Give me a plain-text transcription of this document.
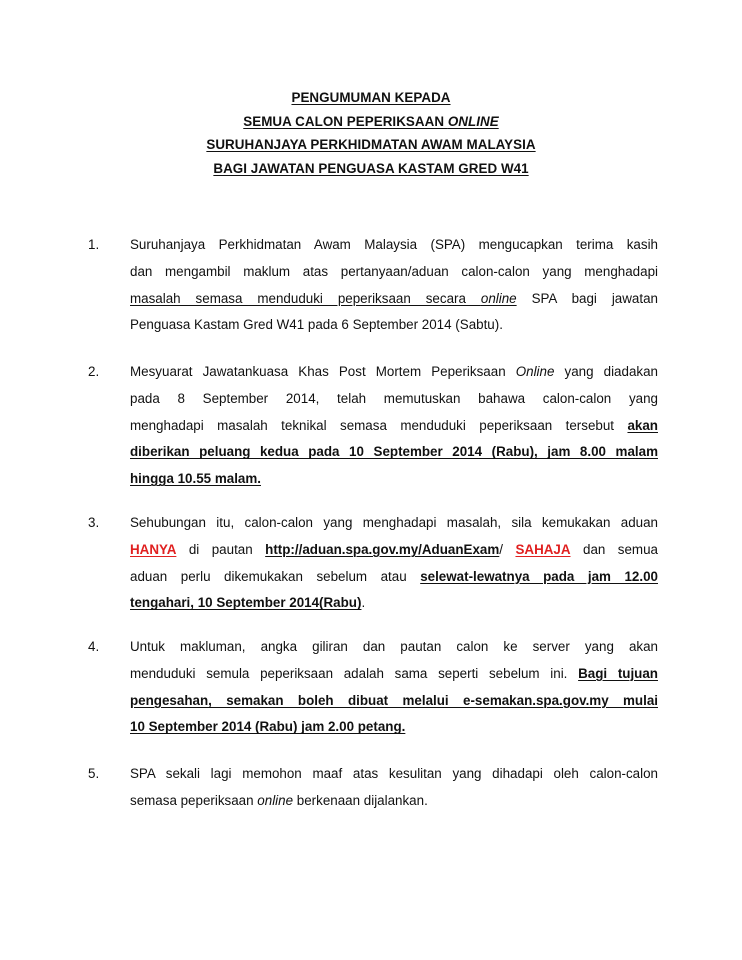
PENGUMUMAN KEPADA
SEMUA CALON PEPERIKSAAN ONLINE
SURUHANJAYA PERKHIDMATAN AWAM MALAYSIA
BAGI JAWATAN PENGUASA KASTAM GRED W41
1.	Suruhanjaya Perkhidmatan Awam Malaysia (SPA) mengucapkan terima kasih
dan mengambil maklum atas pertanyaan/aduan calon-calon yang menghadapi
masalah semasa menduduki peperiksaan secara online SPA bagi jawatan
Penguasa Kastam Gred W41 pada 6 September 2014 (Sabtu).
2.	Mesyuarat Jawatankuasa Khas Post Mortem Peperiksaan Online yang diadakan
pada 8 September 2014, telah memutuskan bahawa calon-calon yang
menghadapi masalah teknikal semasa menduduki peperiksaan tersebut akan
diberikan peluang kedua pada 10 September 2014 (Rabu), jam 8.00 malam
hingga 10.55 malam.
3.	Sehubungan itu, calon-calon yang menghadapi masalah, sila kemukakan aduan
HANYA di pautan http://aduan.spa.gov.my/AduanExam/ SAHAJA dan semua
aduan perlu dikemukakan sebelum atau selewat-lewatnya pada jam 12.00
tengahari, 10 September 2014(Rabu).
4.	Untuk makluman, angka giliran dan pautan calon ke server yang akan
menduduki semula peperiksaan adalah sama seperti sebelum ini. Bagi tujuan
pengesahan, semakan boleh dibuat melalui e-semakan.spa.gov.my mulai
10 September 2014 (Rabu) jam 2.00 petang.
5.	SPA sekali lagi memohon maaf atas kesulitan yang dihadapi oleh calon-calon
semasa peperiksaan online berkenaan dijalankan.
